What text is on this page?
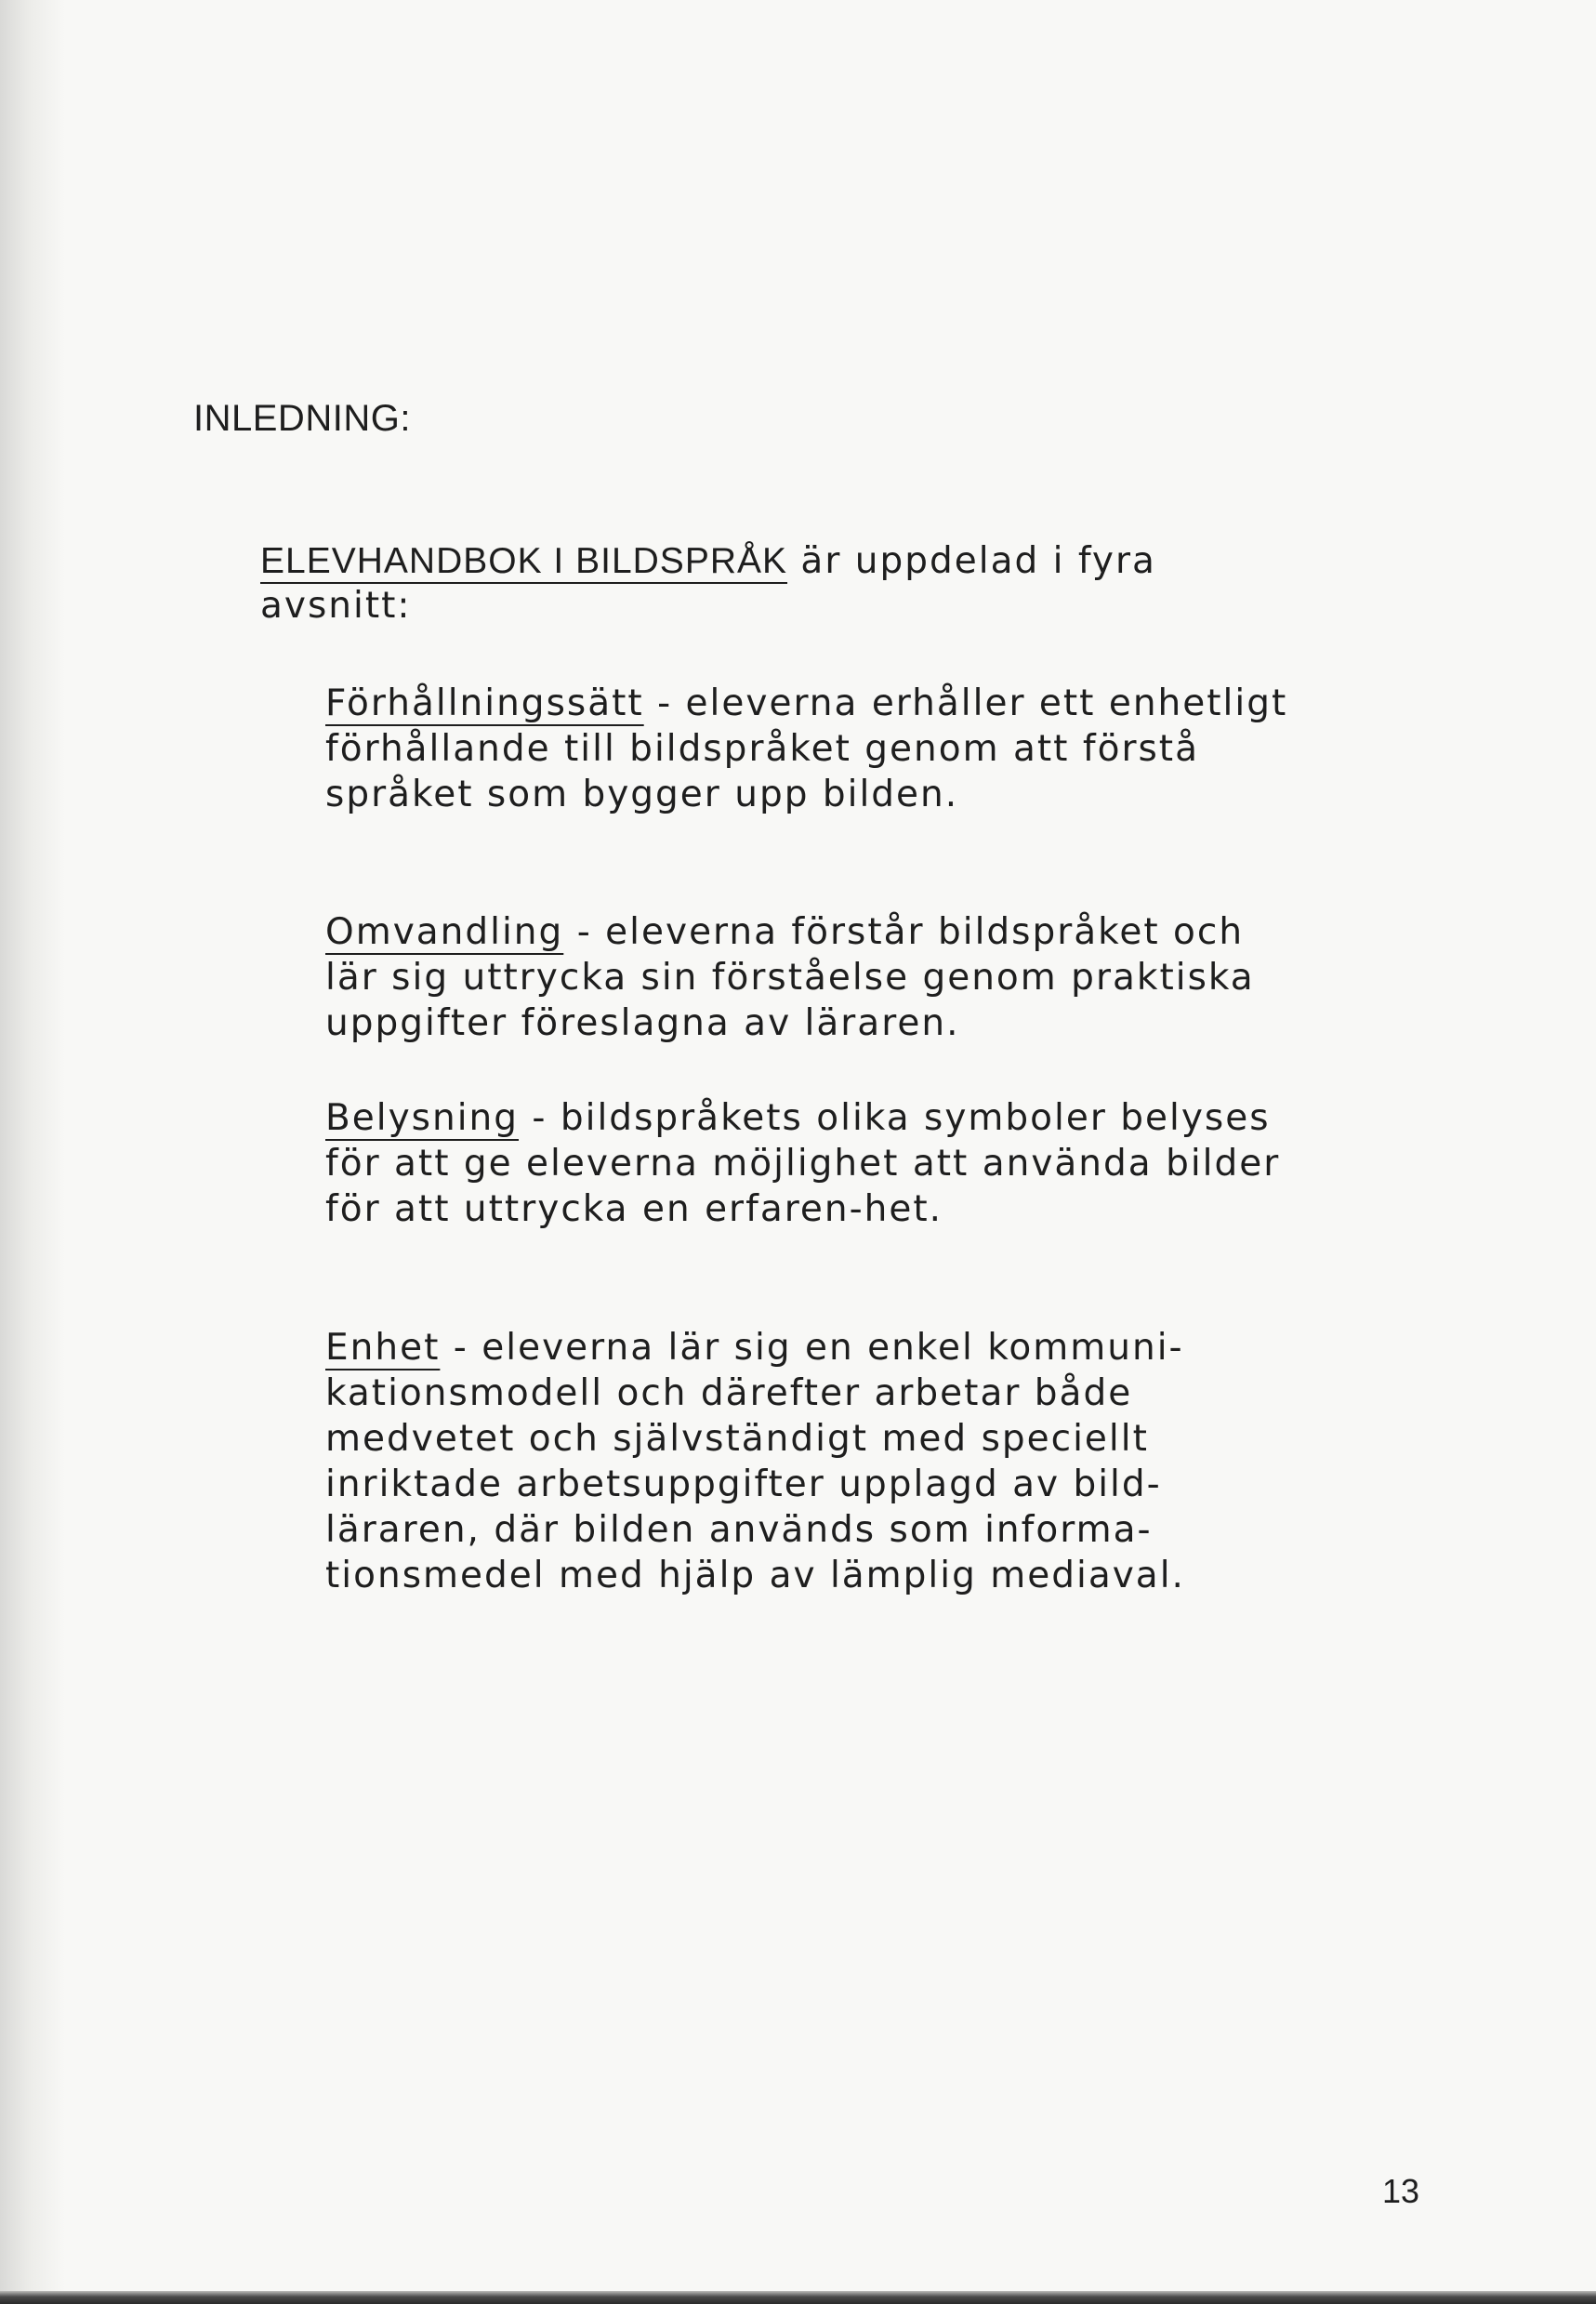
INLEDNING:

ELEVHANDBOK I BILDSPRÅK är uppdelad i fyra avsnitt:

Förhållningssätt - eleverna erhåller ett enhetligt förhållande till bildspråket genom att förstå språket som bygger upp bilden.

Omvandling - eleverna förstår bildspråket och lär sig uttrycka sin förståelse genom praktiska uppgifter föreslagna av läraren.

Belysning - bildspråkets olika symboler belyses för att ge eleverna möjlighet att använda bilder för att uttrycka en erfaren-het.

Enhet - eleverna lär sig en enkel kommuni-kationsmodell och därefter arbetar både medvetet och självständigt med speciellt inriktade arbetsuppgifter upplagd av bild-läraren, där bilden används som informa-tionsmedel med hjälp av lämplig mediaval.

13
